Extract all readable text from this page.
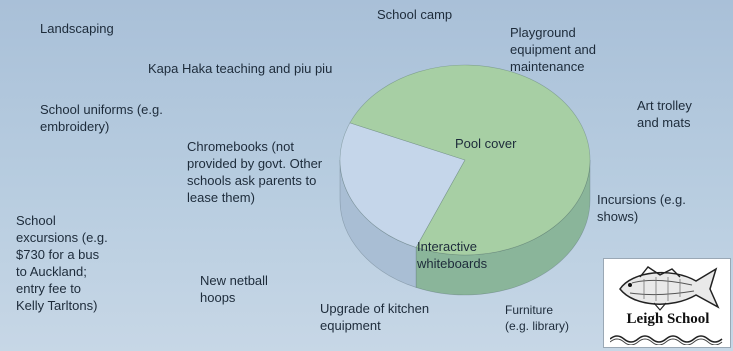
Chromebooks (not
provided by govt. Other
schools ask parents to
lease them)

Pool cover

Interactive
whiteboards

New netball
hoops

Landscaping

School camp

Playground
equipment and
maintenance

Kapa Haka teaching and piu piu

School uniforms (e.g.
embroidery)

Art trolley
and mats

Incursions (e.g.
shows)

School
excursions (e.g.
$730 for a bus
to Auckland;
entry fee to
Kelly Tarltons)	Upgrade of kitchen
equipment

Furniture
(e.g. library)	Leigh School
